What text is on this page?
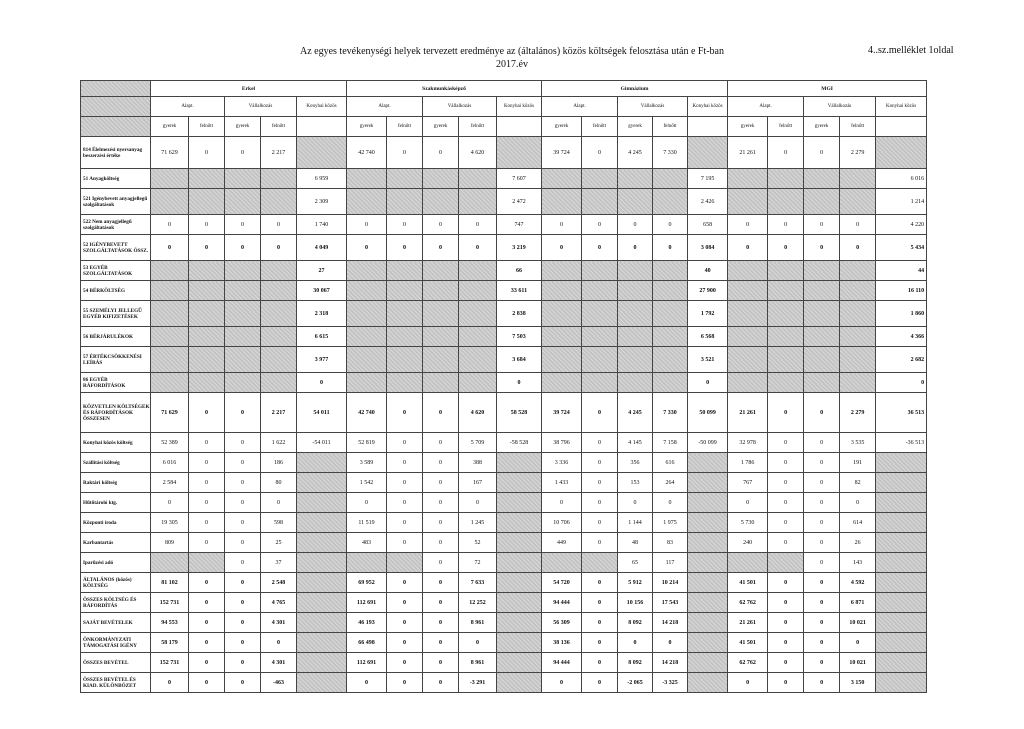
Az egyes tevékenységi helyek tervezett eredménye az (általános) közös költségek felosztása után e Ft-ban
2017.év
4..sz.melléklet 1oldal
	Erkel					Szakmunkásképző					Gimnázium					MGI				
	Alapt.		Vállalkozás		Konyhai közös	Alapt.		Vállalkozás		Konyhai közös	Alapt.		Vállalkozás		Konyhai közös	Alapt.		Vállalkozás		Konyhai közös
	gyerek	felnőtt	gyerek	felnőtt		gyerek	felnőtt	gyerek	felnőtt		gyerek	felnőtt	gyerek	felnőtt		gyerek	felnőtt	gyerek	felnőtt	
814 Élelmezési nyersanyag beszerzési értéke	71 629	0	0	2 217		42 740	0	0	4 620		39 724	0	4 245	7 330		21 261	0	0	2 279	
51 Anyagköltség					6 959					7 607					7 195					6 016
521 Igénybevett anyagjellegű szolgáltatások					2 309					2 472					2 426					1 214
522 Nem anyagjellegű szolgáltatások	0	0	0	0	1 740	0	0	0	0	747	0	0	0	0	658	0	0	0	0	4 220
52 IGÉNYBEVETT SZOLGÁLTATÁSOK ÖSSZ.	0	0	0	0	4 049	0	0	0	0	3 219	0	0	0	0	3 084	0	0	0	0	5 434
53 EGYÉB SZOLGÁLTATÁSOK					27					66					40					44
54 BÉRKÖLTSÉG					30 067					33 611					27 900					16 110
55 SZEMÉLYI JELLEGŰ EGYÉB KIFIZETÉSEK					2 318					2 838					1 792					1 860
56 BÉRJÁRULÉKOK					6 615					7 503					6 568					4 366
57 ÉRTÉKCSÖKKENÉSI LEÍRÁS					3 977					3 684					3 521					2 682
86 EGYÉB RÁFORDÍTÁSOK					0					0					0					0
KÖZVETLEN KÖLTSÉGEK ÉS RÁFORDÍTÁSOK ÖSSZESEN	71 629	0	0	2 217	54 011	42 740	0	0	4 620	58 528	39 724	0	4 245	7 330	50 099	21 261	0	0	2 279	36 513
Konyhai közös költség	52 389	0	0	1 622	-54 011	52 819	0	0	5 709	-58 528	38 796	0	4 145	7 158	-50 099	32 978	0	0	3 535	-36 513
Szállítási költség	6 016	0	0	186		3 589	0	0	388		3 336	0	356	616		1 786	0	0	191	
Raktári költség	2 584	0	0	80		1 542	0	0	167		1 433	0	153	264		767	0	0	82	
Hűtőtároló ktg.	0	0	0	0		0	0	0	0		0	0	0	0		0	0	0	0	
Központi iroda	19 305	0	0	598		11 519	0	0	1 245		10 706	0	1 144	1 975		5 730	0	0	614	
Karbantartás	809	0	0	25		483	0	0	52		449	0	48	83		240	0	0	26	
Iparűzési adó			0	37				0	72				65	117				0	143	
ÁLTALÁNOS (közös) KÖLTSÉG	81 102	0	0	2 548		69 952	0	0	7 633		54 720	0	5 912	10 214		41 501	0	0	4 592	
ÖSSZES KÖLTSÉG ÉS RÁFORDÍTÁS	152 731	0	0	4 765		112 691	0	0	12 252		94 444	0	10 156	17 543		62 762	0	0	6 871	
SAJÁT BEVÉTELEK	94 553	0	0	4 301		46 193	0	0	8 961		56 309	0	8 092	14 218		21 261	0	0	10 021	
ÖNKORMÁNYZATI TÁMOGATÁSI IGÉNY	58 179	0	0	0		66 498	0	0	0		38 136	0	0	0		41 501	0	0	0	
ÖSSZES BEVÉTEL	152 731	0	0	4 301		112 691	0	0	8 961		94 444	0	8 092	14 218		62 762	0	0	10 021	
ÖSSZES BEVÉTEL ÉS KIAD. KÜLÖNBÖZET	0	0	0	-463		0	0	0	-3 291		0	0	-2 065	-3 325		0	0	0	3 150	
